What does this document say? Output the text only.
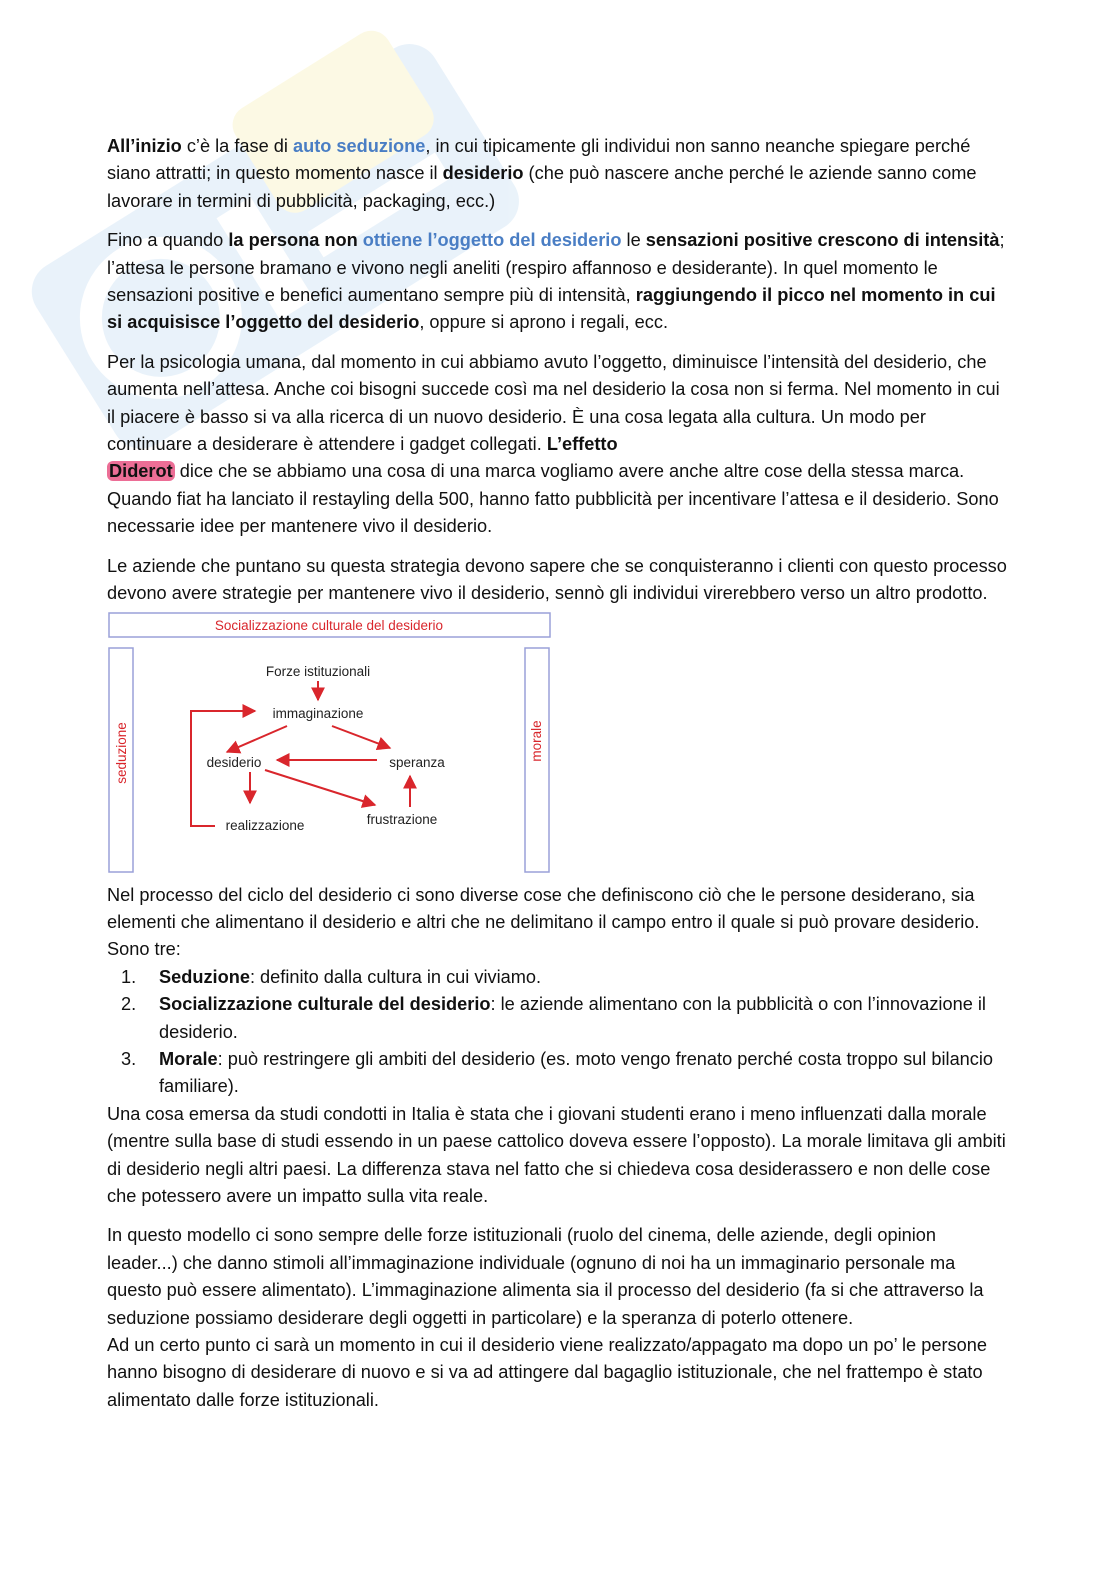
All’inizio c’è la fase di auto seduzione, in cui tipicamente gli individui non sanno neanche spiegare perché siano attratti; in questo momento nasce il desiderio (che può nascere anche perché le aziende sanno come lavorare in termini di pubblicità, packaging, ecc.)

Fino a quando la persona non ottiene l’oggetto del desiderio le sensazioni positive crescono di intensità; l’attesa le persone bramano e vivono negli aneliti (respiro affannoso e desiderante). In quel momento le sensazioni positive e benefici aumentano sempre più di intensità, raggiungendo il picco nel momento in cui si acquisisce l’oggetto del desiderio, oppure si aprono i regali, ecc.

Per la psicologia umana, dal momento in cui abbiamo avuto l’oggetto, diminuisce l’intensità del desiderio, che aumenta nell’attesa. Anche coi bisogni succede così ma nel desiderio la cosa non si ferma. Nel momento in cui il piacere è basso si va alla ricerca di un nuovo desiderio. È una cosa legata alla cultura. Un modo per continuare a desiderare è attendere i gadget collegati. L’effetto
Diderot dice che se abbiamo una cosa di una marca vogliamo avere anche altre cose della stessa marca. Quando fiat ha lanciato il restayling della 500, hanno fatto pubblicità per incentivare l’attesa e il desiderio. Sono necessarie idee per mantenere vivo il desiderio.

Le aziende che puntano su questa strategia devono sapere che se conquisteranno i clienti con questo processo devono avere strategie per mantenere vivo il desiderio, sennò gli individui virerebbero verso un altro prodotto.

Socializzazione culturale del desiderio
seduzione	morale
Forze istituzionali
immaginazione
desiderio	speranza
realizzazione	frustrazione

Nel processo del ciclo del desiderio ci sono diverse cose che definiscono ciò che le persone desiderano, sia elementi che alimentano il desiderio e altri che ne delimitano il campo entro il quale si può provare desiderio. Sono tre:

1. Seduzione: definito dalla cultura in cui viviamo.
2. Socializzazione culturale del desiderio: le aziende alimentano con la pubblicità o con l’innovazione il desiderio.
3. Morale: può restringere gli ambiti del desiderio (es. moto vengo frenato perché costa troppo sul bilancio familiare).

Una cosa emersa da studi condotti in Italia è stata che i giovani studenti erano i meno influenzati dalla morale (mentre sulla base di studi essendo in un paese cattolico doveva essere l’opposto). La morale limitava gli ambiti di desiderio negli altri paesi. La differenza stava nel fatto che si chiedeva cosa desiderassero e non delle cose che potessero avere un impatto sulla vita reale.

In questo modello ci sono sempre delle forze istituzionali (ruolo del cinema, delle aziende, degli opinion leader...) che danno stimoli all’immaginazione individuale (ognuno di noi ha un immaginario personale ma questo può essere alimentato). L’immaginazione alimenta sia il processo del desiderio (fa si che attraverso la seduzione possiamo desiderare degli oggetti in particolare) e la speranza di poterlo ottenere.

Ad un certo punto ci sarà un momento in cui il desiderio viene realizzato/appagato ma dopo un po’ le persone hanno bisogno di desiderare di nuovo e si va ad attingere dal bagaglio istituzionale, che nel frattempo è stato alimentato dalle forze istituzionali.
